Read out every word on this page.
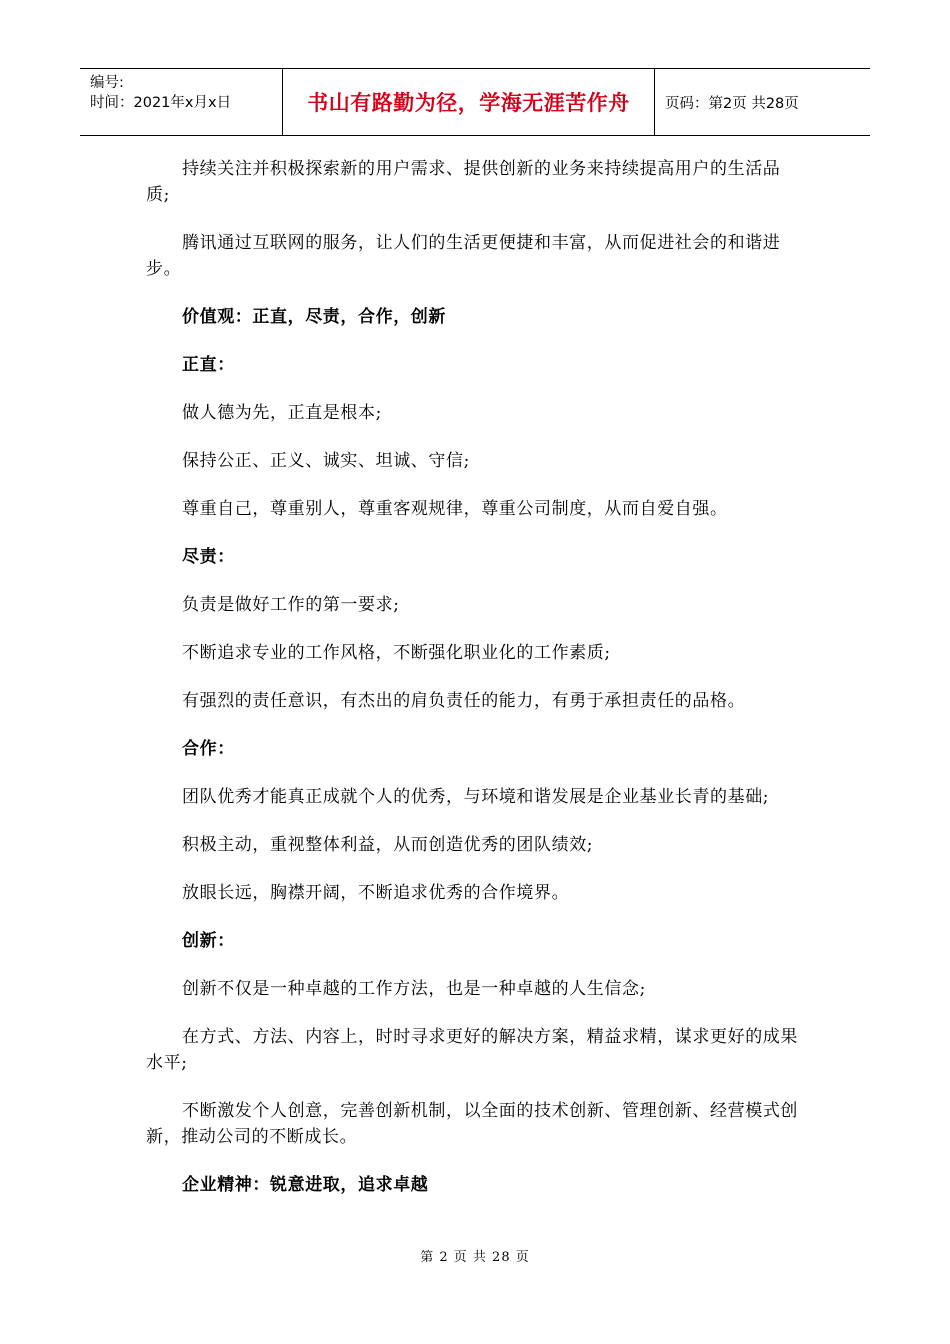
编号:
时间：2021年x月x日	书山有路勤为径，学海无涯苦作舟 页码：第2页 共28页

持续关注并积极探索新的用户需求、提供创新的业务来持续提高用户的生活品质;

腾讯通过互联网的服务，让人们的生活更便捷和丰富，从而促进社会的和谐进步。

价值观：正直，尽责，合作，创新

正直：

做人德为先，正直是根本;

保持公正、正义、诚实、坦诚、守信;

尊重自己，尊重别人，尊重客观规律，尊重公司制度，从而自爱自强。

尽责：

负责是做好工作的第一要求;

不断追求专业的工作风格，不断强化职业化的工作素质;

有强烈的责任意识，有杰出的肩负责任的能力，有勇于承担责任的品格。

合作：

团队优秀才能真正成就个人的优秀，与环境和谐发展是企业基业长青的基础;

积极主动，重视整体利益，从而创造优秀的团队绩效;

放眼长远，胸襟开阔，不断追求优秀的合作境界。

创新：

创新不仅是一种卓越的工作方法，也是一种卓越的人生信念;

在方式、方法、内容上，时时寻求更好的解决方案，精益求精，谋求更好的成果水平;

不断激发个人创意，完善创新机制，以全面的技术创新、管理创新、经营模式创新，推动公司的不断成长。

企业精神：锐意进取，追求卓越

第 2 页 共 28 页
